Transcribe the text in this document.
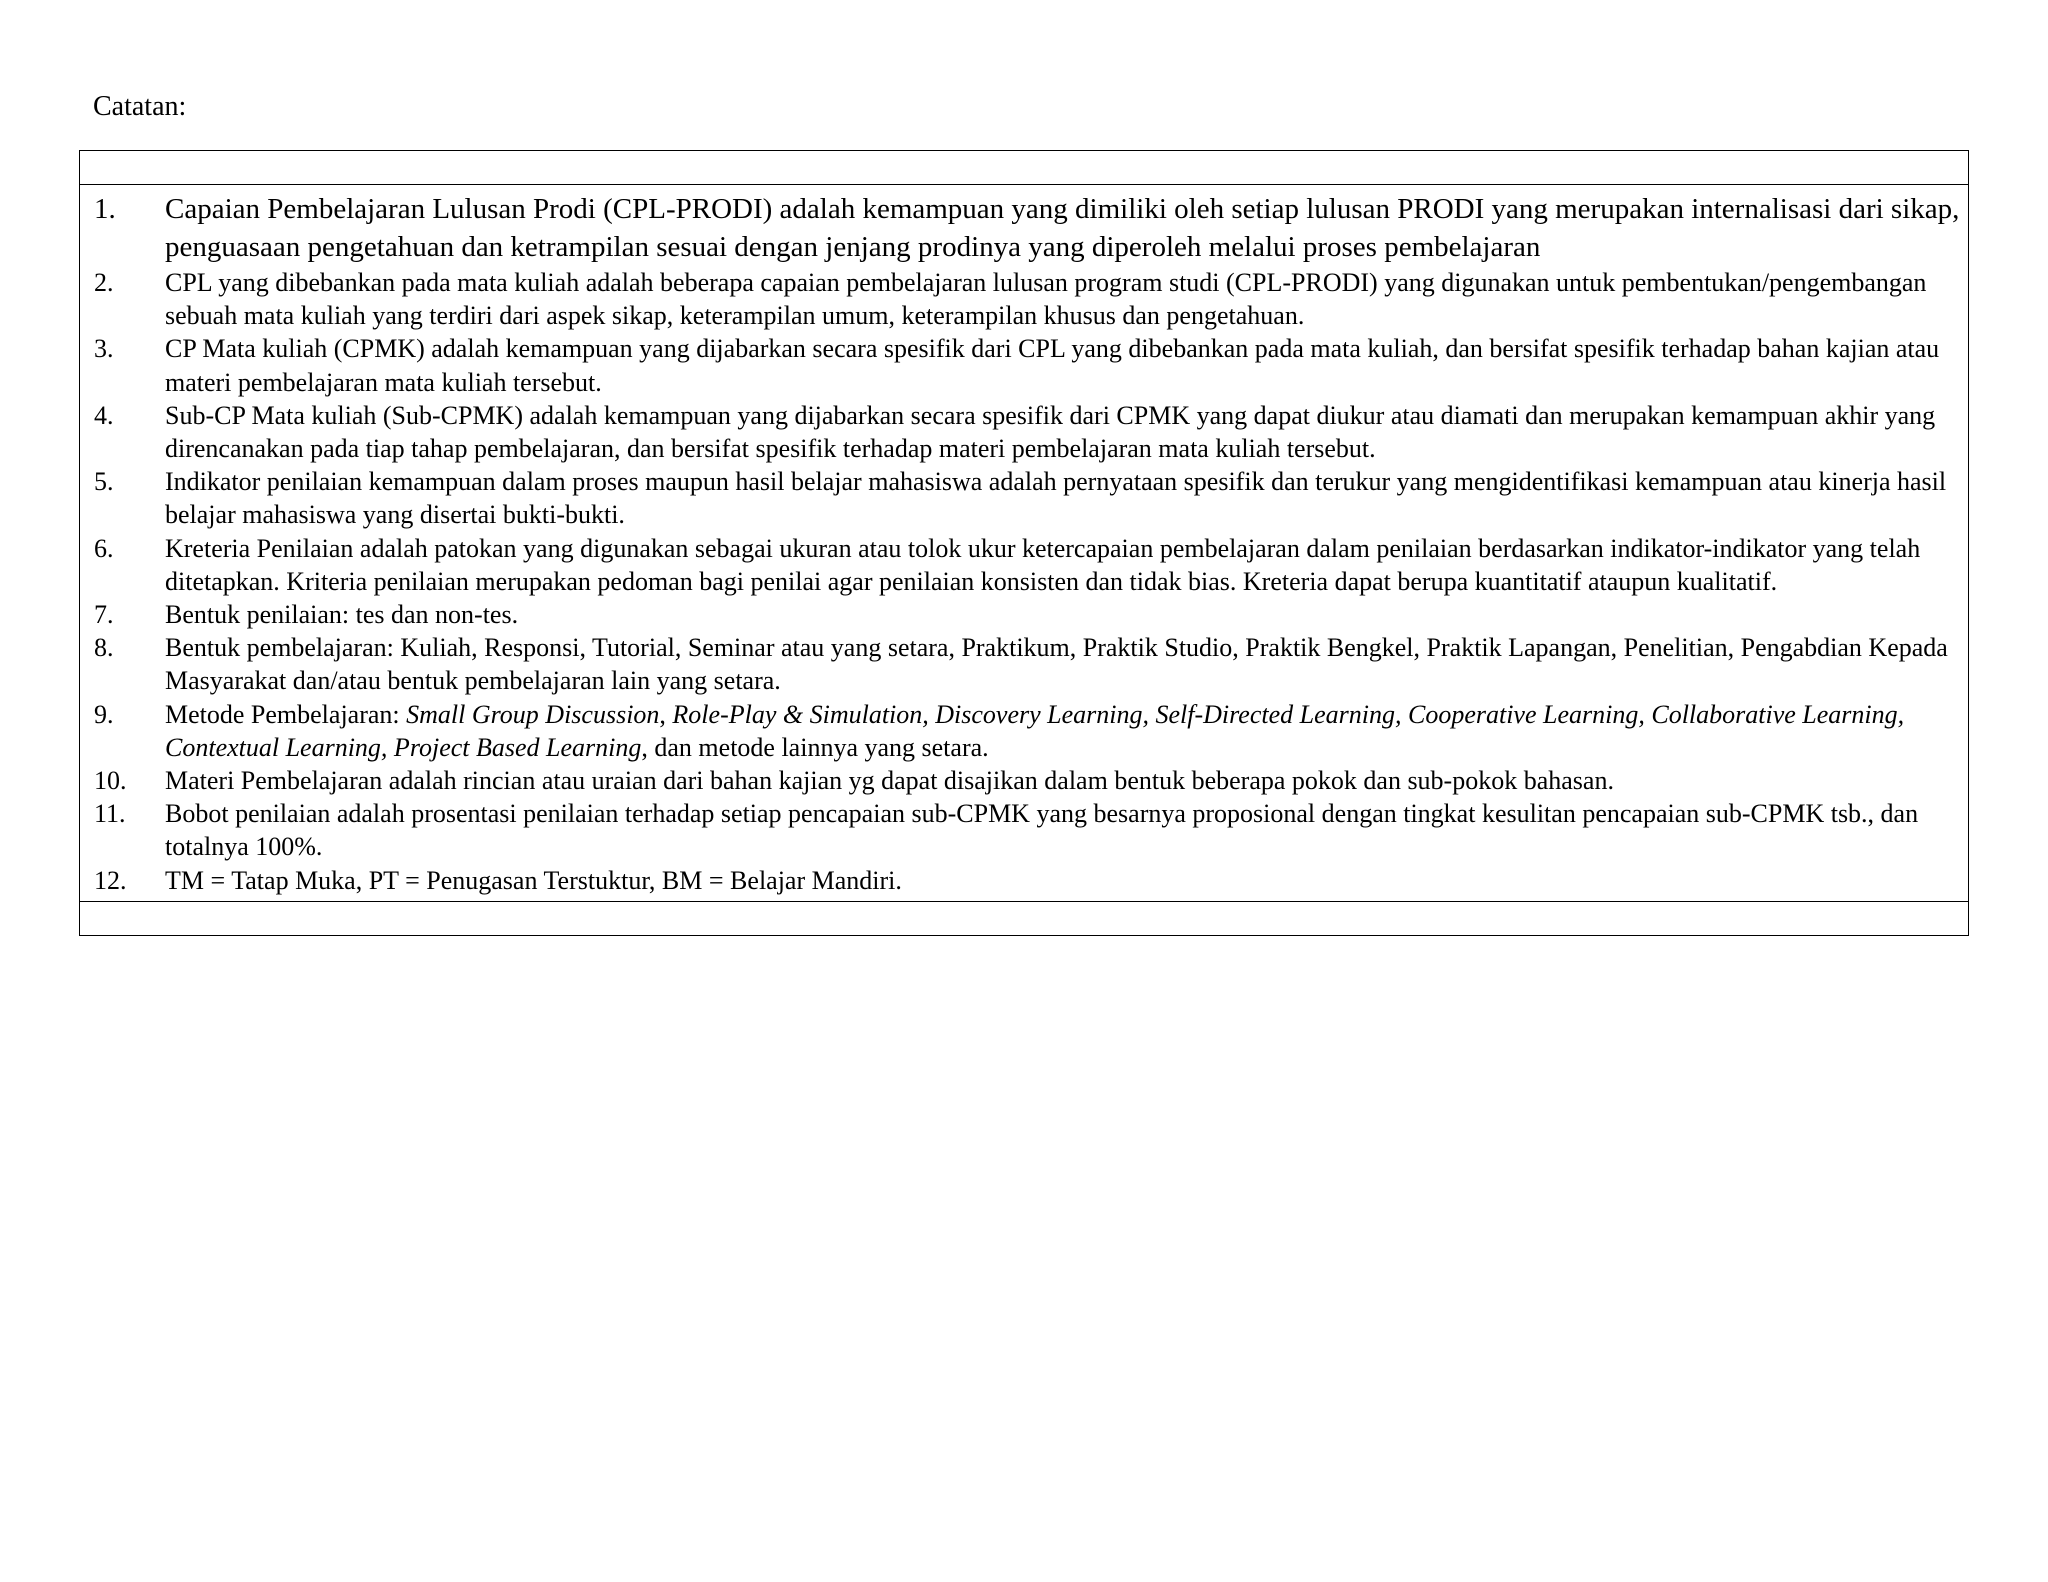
Catatan:
1.	Capaian Pembelajaran Lulusan Prodi (CPL-PRODI) adalah kemampuan yang dimiliki oleh setiap lulusan PRODI yang merupakan internalisasi dari sikap, penguasaan pengetahuan dan ketrampilan sesuai dengan jenjang prodinya yang diperoleh melalui proses pembelajaran
2.	CPL yang dibebankan pada mata kuliah adalah beberapa capaian pembelajaran lulusan program studi (CPL-PRODI) yang digunakan untuk pembentukan/pengembangan sebuah mata kuliah yang terdiri dari aspek sikap, keterampilan umum, keterampilan khusus dan pengetahuan.
3.	CP Mata kuliah (CPMK) adalah kemampuan yang dijabarkan secara spesifik dari CPL yang dibebankan pada mata kuliah, dan bersifat spesifik terhadap bahan kajian atau materi pembelajaran mata kuliah tersebut.
4.	Sub-CP Mata kuliah (Sub-CPMK) adalah kemampuan yang dijabarkan secara spesifik dari CPMK yang dapat diukur atau diamati dan merupakan kemampuan akhir yang direncanakan pada tiap tahap pembelajaran, dan bersifat spesifik terhadap materi pembelajaran mata kuliah tersebut.
5.	Indikator penilaian kemampuan dalam proses maupun hasil belajar mahasiswa adalah pernyataan spesifik dan terukur yang mengidentifikasi kemampuan atau kinerja hasil belajar mahasiswa yang disertai bukti-bukti.
6.	Kreteria Penilaian adalah patokan yang digunakan sebagai ukuran atau tolok ukur ketercapaian pembelajaran dalam penilaian berdasarkan indikator-indikator yang telah ditetapkan. Kriteria penilaian merupakan pedoman bagi penilai agar penilaian konsisten dan tidak bias. Kreteria dapat berupa kuantitatif ataupun kualitatif.
7.	Bentuk penilaian: tes dan non-tes.
8.	Bentuk pembelajaran: Kuliah, Responsi, Tutorial, Seminar atau yang setara, Praktikum, Praktik Studio, Praktik Bengkel, Praktik Lapangan, Penelitian, Pengabdian Kepada Masyarakat dan/atau bentuk pembelajaran lain yang setara.
9.	Metode Pembelajaran: Small Group Discussion, Role-Play & Simulation, Discovery Learning, Self-Directed Learning, Cooperative Learning, Collaborative Learning, Contextual Learning, Project Based Learning, dan metode lainnya yang setara.
10.	Materi Pembelajaran adalah rincian atau uraian dari bahan kajian yg dapat disajikan dalam bentuk beberapa pokok dan sub-pokok bahasan.
11.	Bobot penilaian adalah prosentasi penilaian terhadap setiap pencapaian sub-CPMK yang besarnya proposional dengan tingkat kesulitan pencapaian sub-CPMK tsb., dan totalnya 100%.
12.	TM = Tatap Muka, PT = Penugasan Terstuktur, BM = Belajar Mandiri.
